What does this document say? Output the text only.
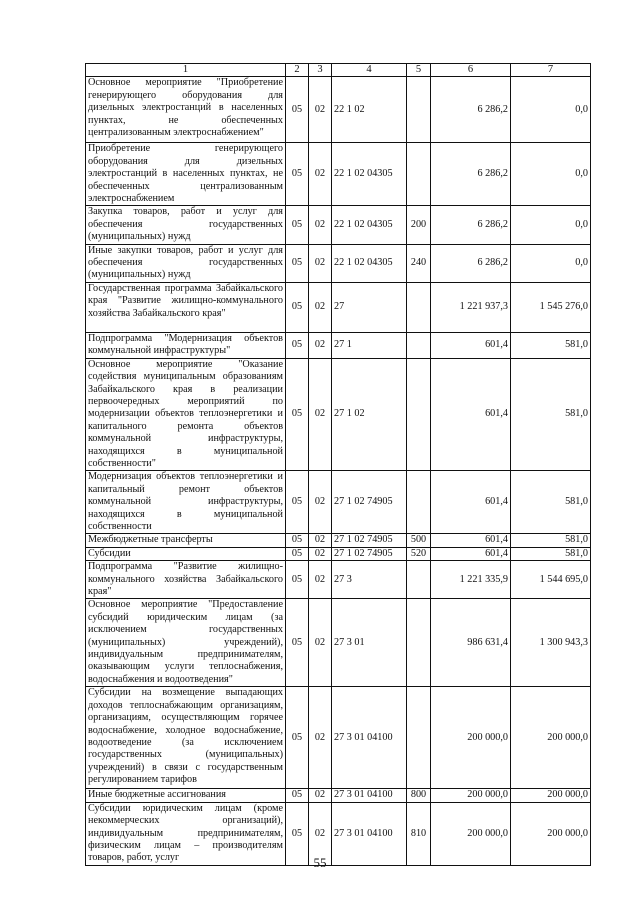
1	2	3	4	5	6	7
Основное мероприятие "Приобретение генерирующего оборудования для дизельных электростанций в населенных пунктах, не обеспеченных централизованным электроснабжением"	05	02	22 1 02		6 286,2	0,0
Приобретение генерирующего оборудования для дизельных электростанций в населенных пунктах, не обеспеченных централизованным электроснабжением	05	02	22 1 02 04305		6 286,2	0,0
Закупка товаров, работ и услуг для обеспечения государственных (муниципальных) нужд	05	02	22 1 02 04305	200	6 286,2	0,0
Иные закупки товаров, работ и услуг для обеспечения государственных (муниципальных) нужд	05	02	22 1 02 04305	240	6 286,2	0,0
Государственная программа Забайкальского края "Развитие жилищно-коммунального хозяйства Забайкальского края"	05	02	27		1 221 937,3	1 545 276,0
Подпрограмма "Модернизация объектов коммунальной инфраструктуры"	05	02	27 1		601,4	581,0
Основное мероприятие "Оказание содействия муниципальным образованиям Забайкальского края в реализации первоочередных мероприятий по модернизации объектов теплоэнергетики и капитального ремонта объектов коммунальной инфраструктуры, находящихся в муниципальной собственности"	05	02	27 1 02		601,4	581,0
Модернизация объектов теплоэнергетики и капитальный ремонт объектов коммунальной инфраструктуры, находящихся в муниципальной собственности	05	02	27 1 02 74905		601,4	581,0
Межбюджетные трансферты	05	02	27 1 02 74905	500	601,4	581,0
Субсидии	05	02	27 1 02 74905	520	601,4	581,0
Подпрограмма "Развитие жилищно-коммунального хозяйства Забайкальского края"	05	02	27 3		1 221 335,9	1 544 695,0
Основное мероприятие "Предоставление субсидий юридическим лицам (за исключением государственных (муниципальных) учреждений), индивидуальным предпринимателям, оказывающим услуги теплоснабжения, водоснабжения и водоотведения"	05	02	27 3 01		986 631,4	1 300 943,3
Субсидии на возмещение выпадающих доходов теплоснабжающим организациям, организациям, осуществляющим горячее водоснабжение, холодное водоснабжение, водоотведение (за исключением государственных (муниципальных) учреждений) в связи с государственным регулированием тарифов	05	02	27 3 01 04100		200 000,0	200 000,0
Иные бюджетные ассигнования	05	02	27 3 01 04100	800	200 000,0	200 000,0
Субсидии юридическим лицам (кроме некоммерческих организаций), индивидуальным предпринимателям, физическим лицам – производителям товаров, работ, услуг	05	02	27 3 01 04100	810	200 000,0	200 000,0
55
